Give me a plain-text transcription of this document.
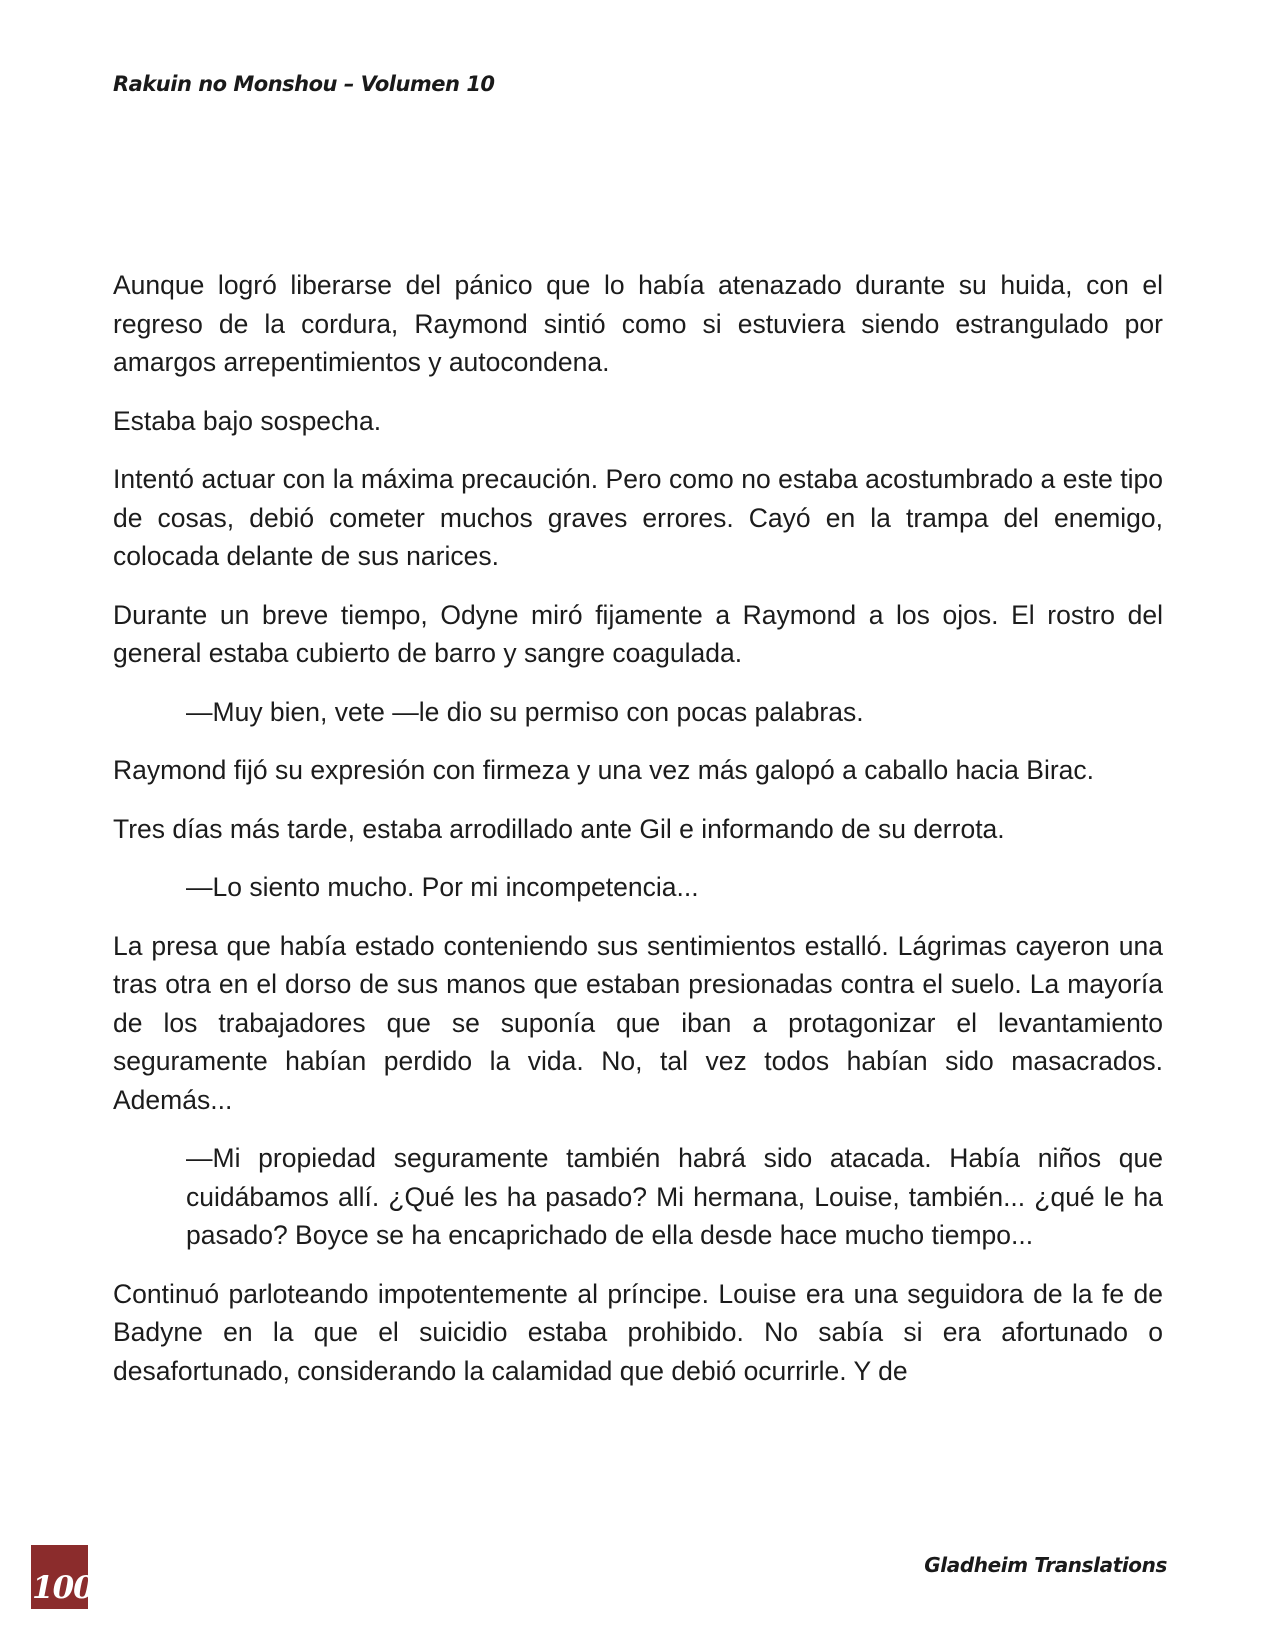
Rakuin no Monshou – Volumen 10

Aunque logró liberarse del pánico que lo había atenazado durante su huida, con el regreso de la cordura, Raymond sintió como si estuviera siendo estrangulado por amargos arrepentimientos y autocondena.

Estaba bajo sospecha.

Intentó actuar con la máxima precaución. Pero como no estaba acostumbrado a este tipo de cosas, debió cometer muchos graves errores. Cayó en la trampa del enemigo, colocada delante de sus narices.

Durante un breve tiempo, Odyne miró fijamente a Raymond a los ojos. El rostro del general estaba cubierto de barro y sangre coagulada.

—Muy bien, vete —le dio su permiso con pocas palabras.

Raymond fijó su expresión con firmeza y una vez más galopó a caballo hacia Birac.

Tres días más tarde, estaba arrodillado ante Gil e informando de su derrota.

—Lo siento mucho. Por mi incompetencia...

La presa que había estado conteniendo sus sentimientos estalló. Lágrimas cayeron una tras otra en el dorso de sus manos que estaban presionadas contra el suelo. La mayoría de los trabajadores que se suponía que iban a protagonizar el levantamiento seguramente habían perdido la vida. No, tal vez todos habían sido masacrados. Además...

—Mi propiedad seguramente también habrá sido atacada. Había niños que cuidábamos allí. ¿Qué les ha pasado? Mi hermana, Louise, también... ¿qué le ha pasado? Boyce se ha encaprichado de ella desde hace mucho tiempo...

Continuó parloteando impotentemente al príncipe. Louise era una seguidora de la fe de Badyne en la que el suicidio estaba prohibido. No sabía si era afortunado o desafortunado, considerando la calamidad que debió ocurrirle. Y de

100
Gladheim Translations
